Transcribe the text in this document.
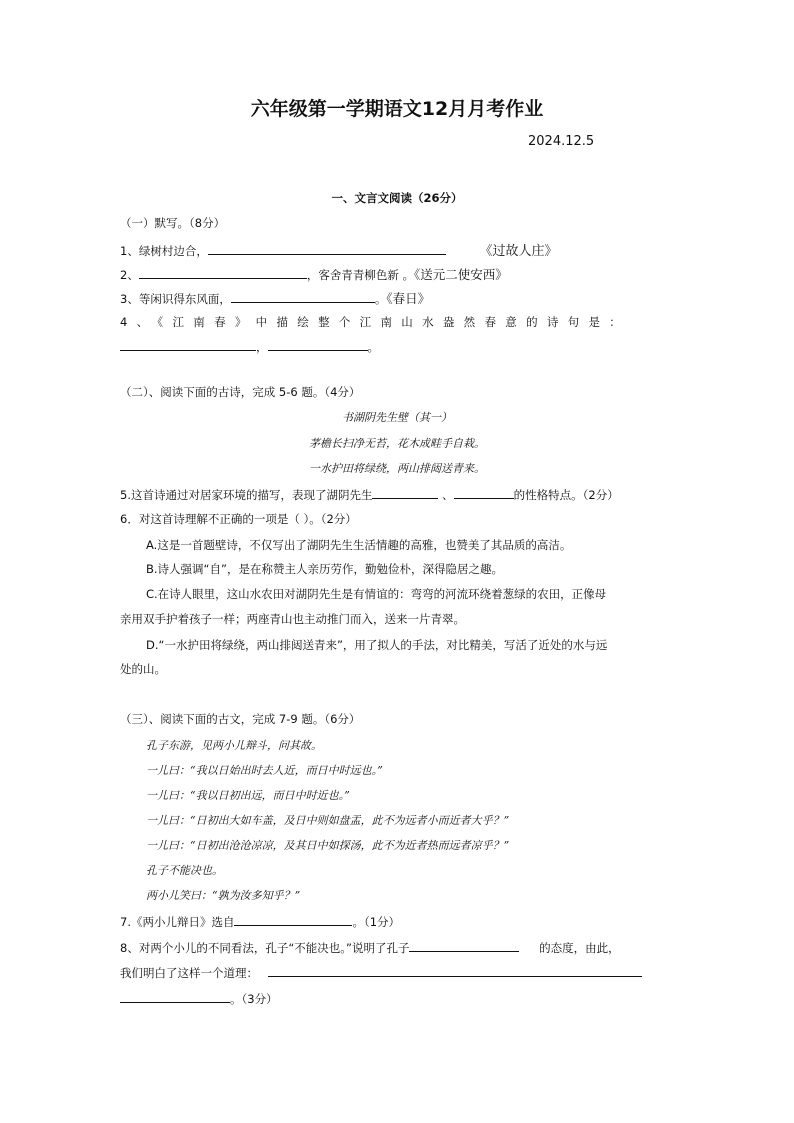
六年级第一学期语文12月月考作业
2024.12.5
一、文言文阅读（26分）
（一）默写。（8分）
1、绿树村边合，	《过故人庄》
2、	，客舍青青柳色新 。《送元二使安西》
3、等闲识得东风面，	。《春日》
4、《江南春》中描绘整个江南山水盎然春意的诗句是：
，	。
（二）、阅读下面的古诗，完成 5-6 题。（4分）
书湖阴先生壁（其一）
茅檐长扫净无苔，花木成畦手自栽。
一水护田将绿绕，两山排闼送青来。
5.这首诗通过对居家环境的描写，表现了湖阴先生	、	的性格特点。（2分）
6．对这首诗理解不正确的一项是（ ）。（2分）
A.这是一首题壁诗，不仅写出了湖阴先生生活情趣的高雅，也赞美了其品质的高洁。
B.诗人强调“自”，是在称赞主人亲历劳作，勤勉俭朴，深得隐居之趣。
C.在诗人眼里，这山水农田对湖阴先生是有情谊的：弯弯的河流环绕着葱绿的农田，正像母
亲用双手护着孩子一样；两座青山也主动推门而入，送来一片青翠。
D.“一水护田将绿绕，两山排闼送青来”，用了拟人的手法，对比精美，写活了近处的水与远
处的山。
（三）、阅读下面的古文，完成 7-9 题。（6分）
孔子东游，见两小儿辩斗，问其故。
一儿曰：“我以日始出时去人近，而日中时远也。”
一儿曰：“我以日初出远，而日中时近也。”
一儿曰：“日初出大如车盖，及日中则如盘盂，此不为远者小而近者大乎？”
一儿曰：“日初出沧沧凉凉，及其日中如探汤，此不为近者热而远者凉乎？”
孔子不能决也。
两小儿笑曰：“孰为汝多知乎？”
7.《两小儿辩日》选自	。（1分）
8、对两个小儿的不同看法，孔子“不能决也。”说明了孔子	的态度，由此，
我们明白了这样一个道理：
。（3分）
